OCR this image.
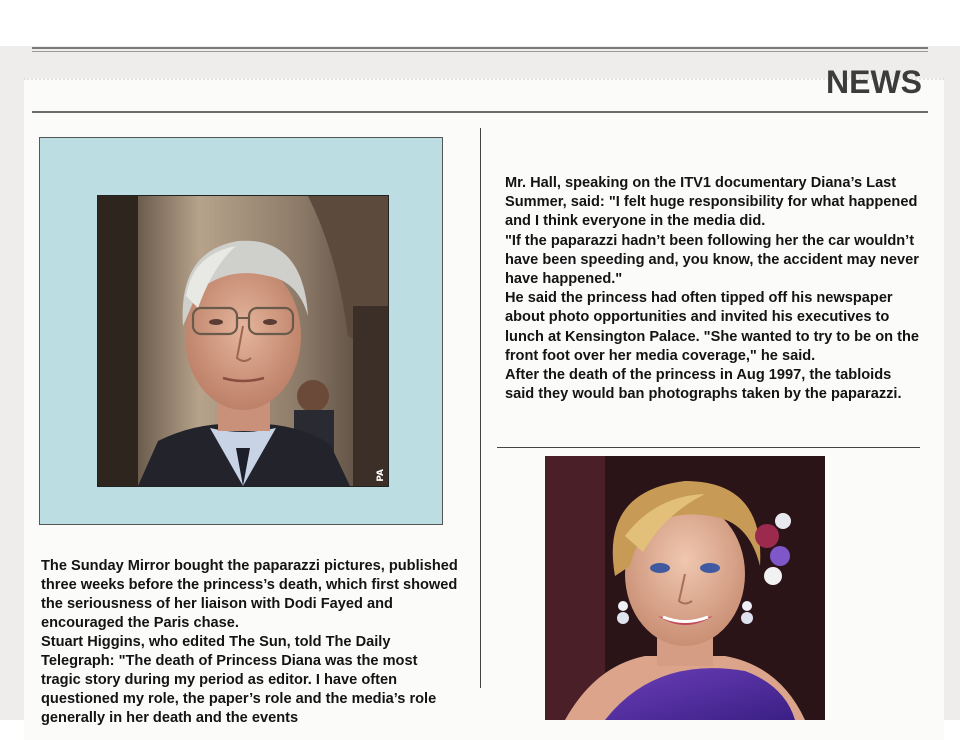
NEWS
PA

Mr. Hall, speaking on the ITV1 documentary Diana’s Last Summer, said: "I felt huge responsibility for what happened and I think everyone in the media did.

"If the paparazzi hadn’t been following her the car wouldn’t have been speeding and, you know, the accident may never have happened."

He said the princess had often tipped off his newspaper about photo opportunities and invited his executives to lunch at Kensington Palace. "She wanted to try to be on the front foot over her media coverage," he said.

After the death of the princess in Aug 1997, the tabloids said they would ban photographs taken by the paparazzi.

The Sunday Mirror bought the paparazzi pictures, published three weeks before the princess’s death, which first showed the seriousness of her liaison with Dodi Fayed and encouraged the Paris chase.

Stuart Higgins, who edited The Sun, told The Daily Telegraph: "The death of Princess Diana was the most tragic story during my period as editor. I have often questioned my role, the paper’s role and the media’s role generally in her death and the events
